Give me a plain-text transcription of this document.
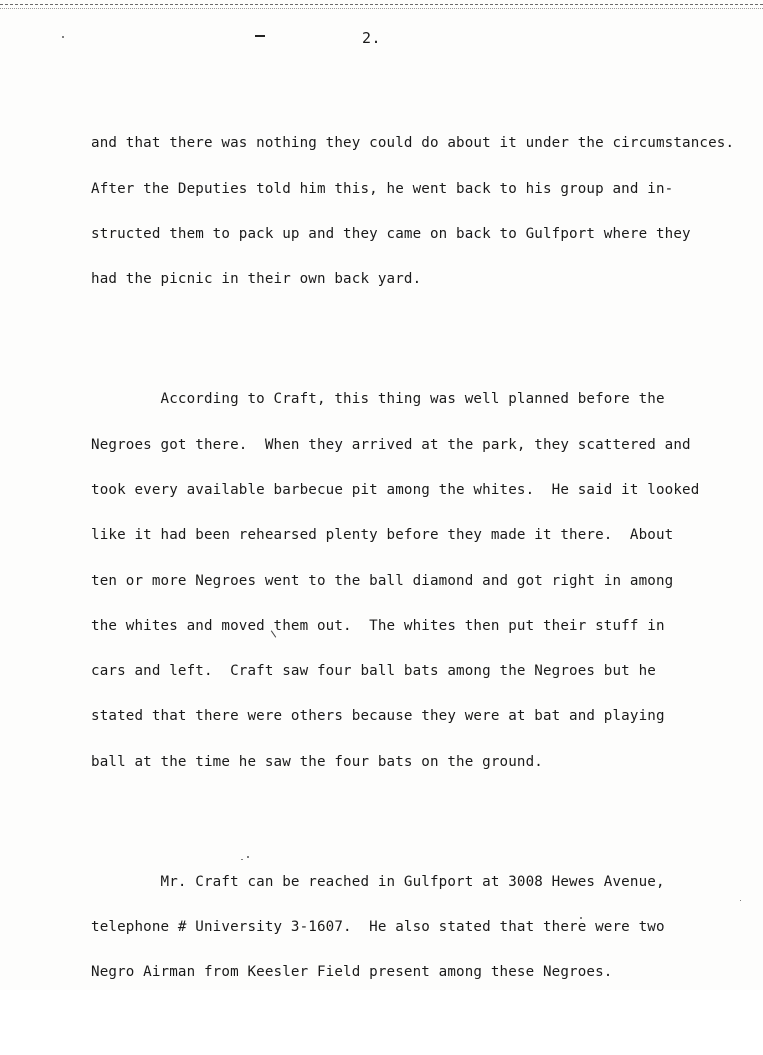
2.

and that there was nothing they could do about it under the circumstances.

After the Deputies told him this, he went back to his group and in-

structed them to pack up and they came on back to Gulfport where they

had the picnic in their own back yard.

According to Craft, this thing was well planned before the

Negroes got there.  When they arrived at the park, they scattered and

took every available barbecue pit among the whites.  He said it looked

like it had been rehearsed plenty before they made it there.  About

ten or more Negroes went to the ball diamond and got right in among

the whites and moved them out.  The whites then put their stuff in

cars and left.  Craft saw four ball bats among the Negroes but he

stated that there were others because they were at bat and playing

ball at the time he saw the four bats on the ground.

Mr. Craft can be reached in Gulfport at 3008 Hewes Avenue,

telephone # University 3-1607.  He also stated that there were two

Negro Airman from Keesler Field present among these Negroes.
